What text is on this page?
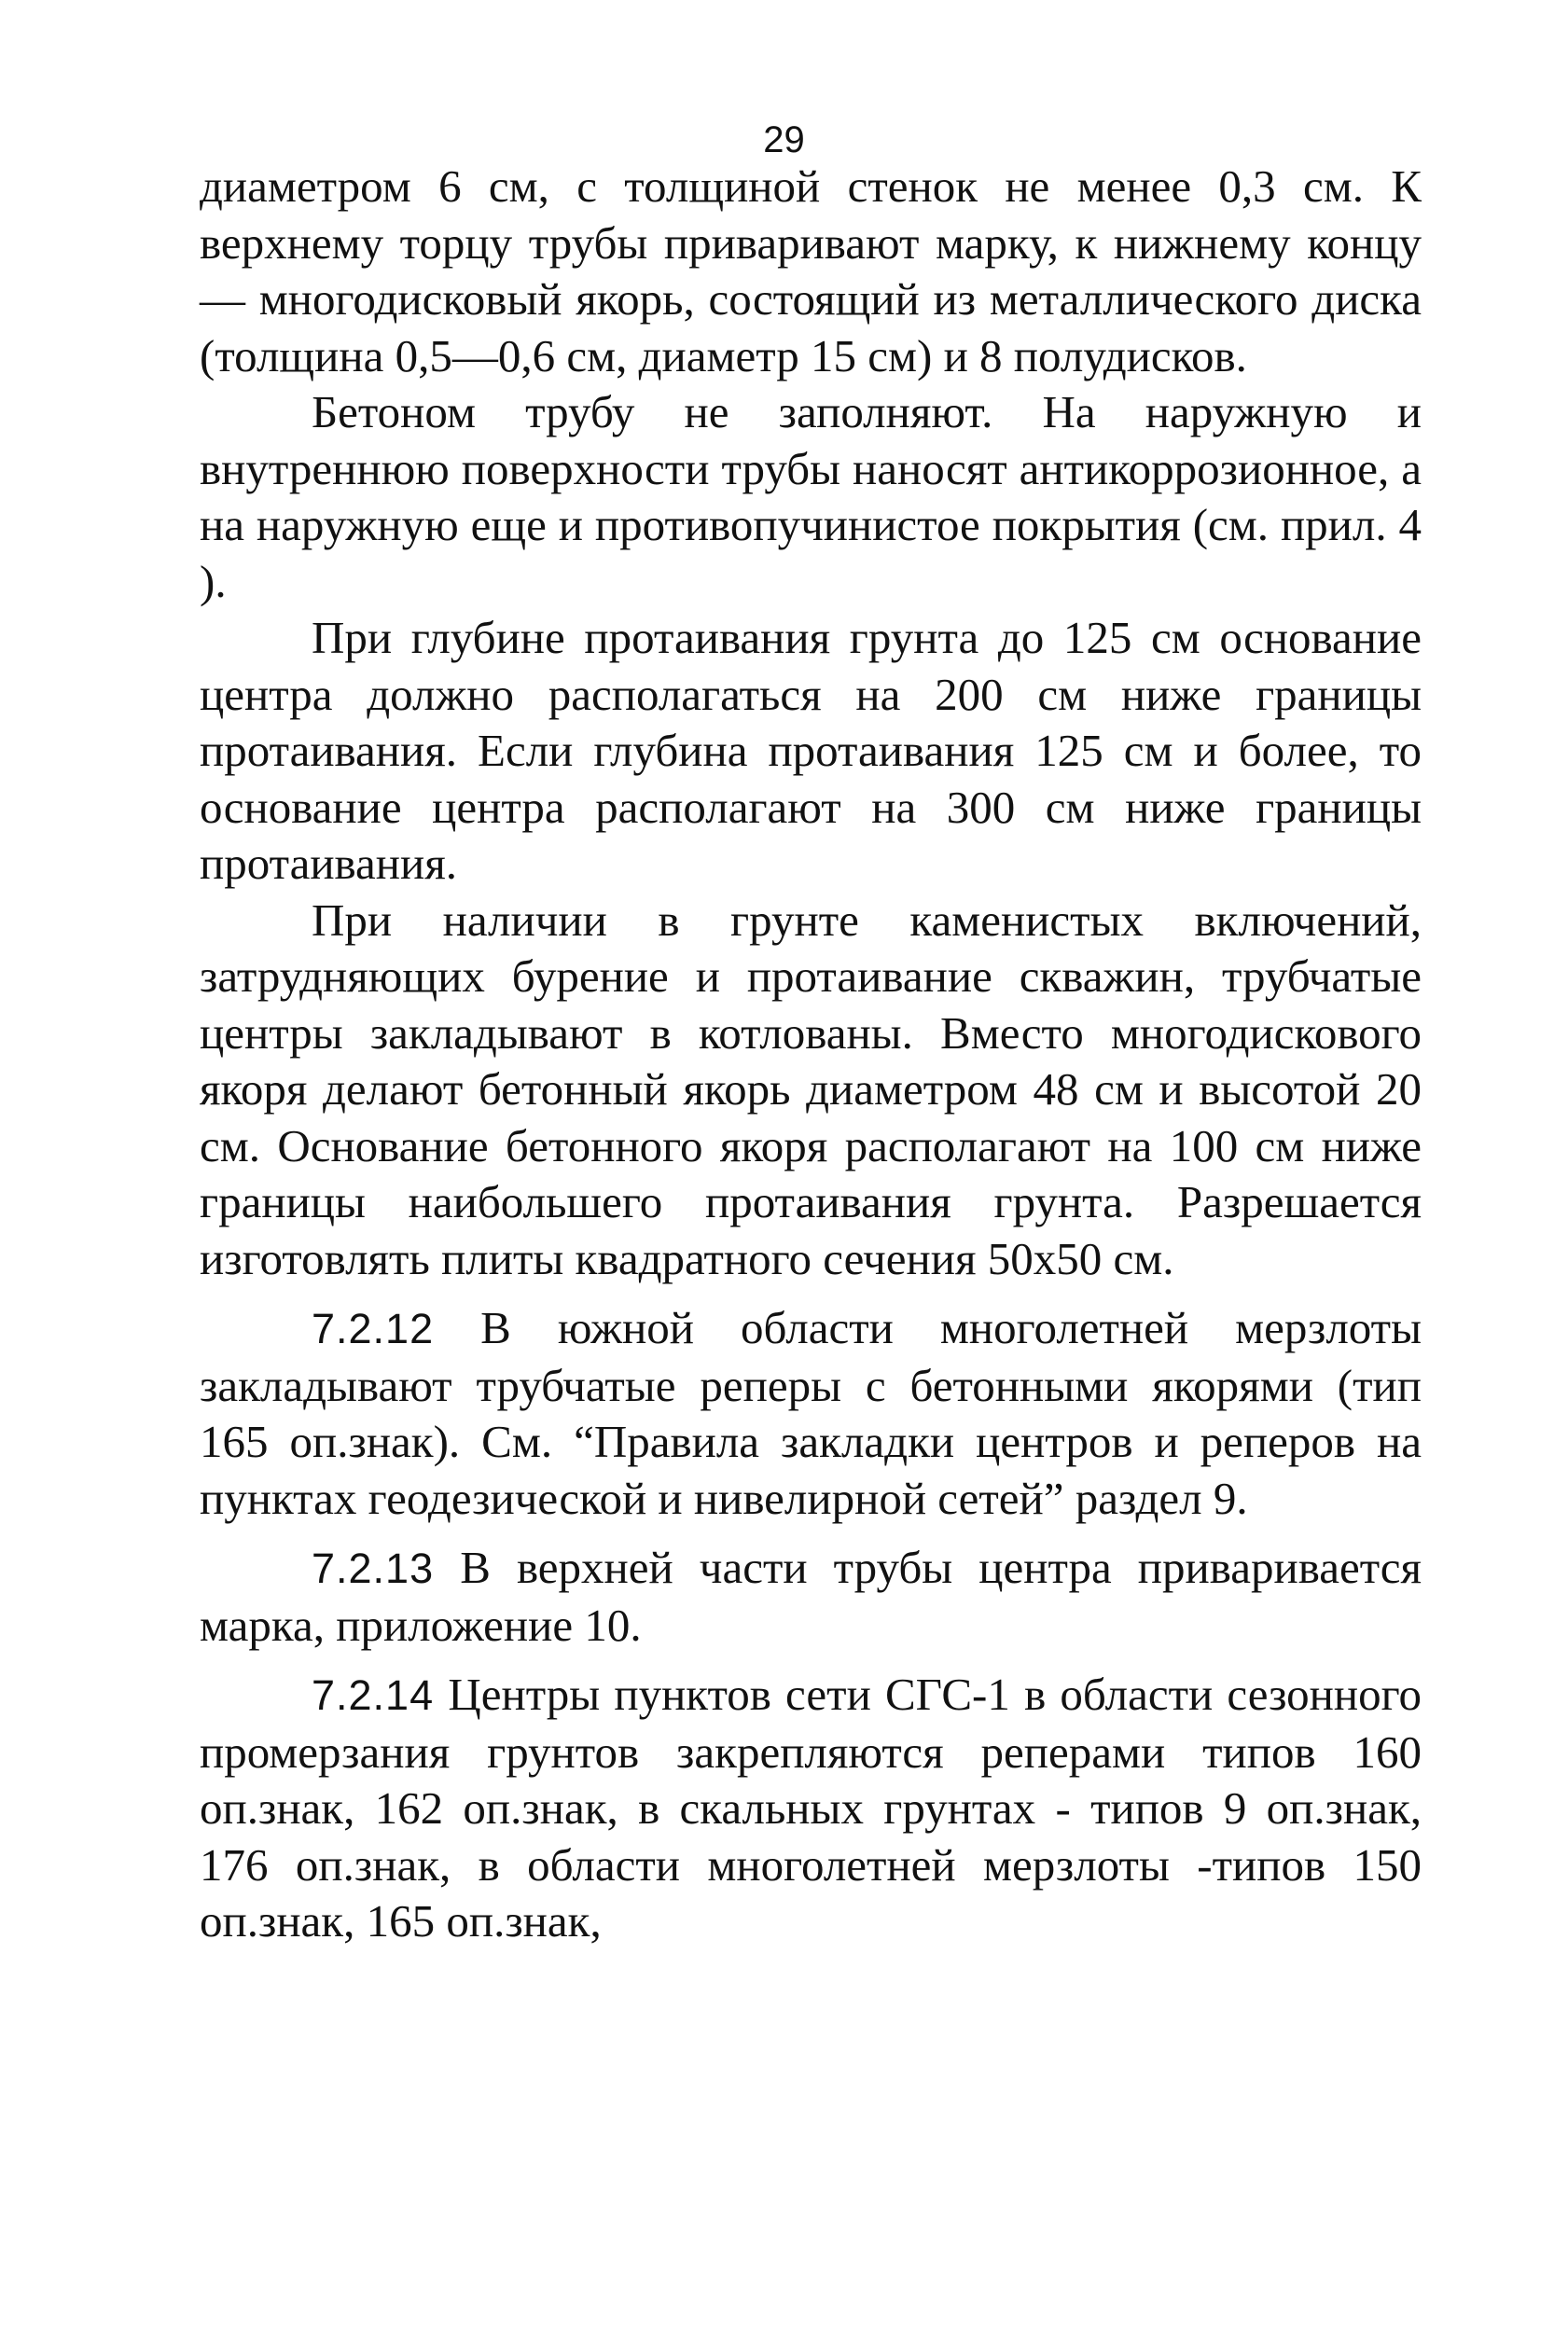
29

диаметром 6 см, с толщиной стенок не менее 0,3 см. К верхнему торцу трубы приваривают марку, к нижнему концу — многодисковый якорь, состоящий из металлического диска (толщина 0,5—0,6 см, диаметр 15 см) и 8 полудисков.

Бетоном трубу не заполняют. На наружную и внутреннюю поверхности трубы наносят антикоррозионное, а на наружную еще и противопучинистое покрытия (см. прил. 4 ).

При глубине протаивания грунта до 125 см основание центра должно располагаться на 200 см ниже границы протаивания. Если глубина протаивания 125 см и более, то основание центра располагают на 300 см ниже границы протаивания.

При наличии в грунте каменистых включений, затрудняющих бурение и протаивание скважин, трубчатые центры закладывают в котлованы. Вместо многодискового якоря делают бетонный якорь диаметром 48 см и высотой 20 см. Основание бетонного якоря располагают на 100 см ниже границы наибольшего протаивания грунта. Разрешается изготовлять плиты квадратного сечения 50х50 см.

7.2.12 В южной области многолетней мерзлоты закладывают трубчатые реперы с бетонными якорями (тип 165 оп.знак). См. “Правила закладки центров и реперов на пунктах геодезической и нивелирной сетей” раздел 9.

7.2.13 В верхней части трубы центра приваривается марка, приложение 10.

7.2.14 Центры пунктов сети СГС-1 в области сезонного промерзания грунтов закрепляются реперами типов 160 оп.знак, 162 оп.знак, в скальных грунтах - типов 9 оп.знак, 176 оп.знак, в области многолетней мерзлоты -типов 150 оп.знак, 165 оп.знак,
